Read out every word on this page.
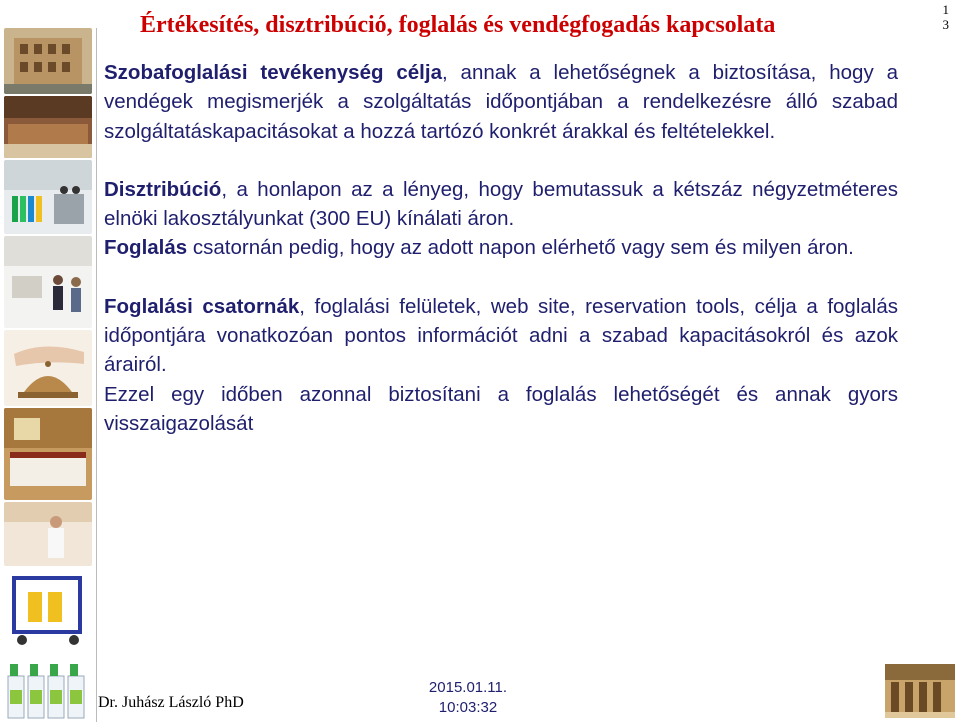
Értékesítés, disztribúció, foglalás és vendégfogadás kapcsolata
1
3

Szobafoglalási tevékenység célja, annak a lehetőségnek a biztosítása, hogy a vendégek megismerjék a szolgáltatás időpontjában a rendelkezésre álló szabad szolgáltatáskapacitásokat a hozzá tartózó konkrét árakkal és feltételekkel.

Disztribúció, a honlapon az a lényeg, hogy bemutassuk a kétszáz négyzetméteres elnöki lakosztályunkat (300 EU) kínálati áron.

Foglalás csatornán pedig, hogy az adott napon elérhető vagy sem és milyen áron.

Foglalási csatornák, foglalási felületek, web site, reservation tools, célja a foglalás időpontjára vonatkozóan pontos információt adni a szabad kapacitásokról és azok árairól.

Ezzel egy időben azonnal biztosítani a foglalás lehetőségét és annak gyors visszaigazolását

Dr. Juhász László PhD
2015.01.11.
10:03:32
